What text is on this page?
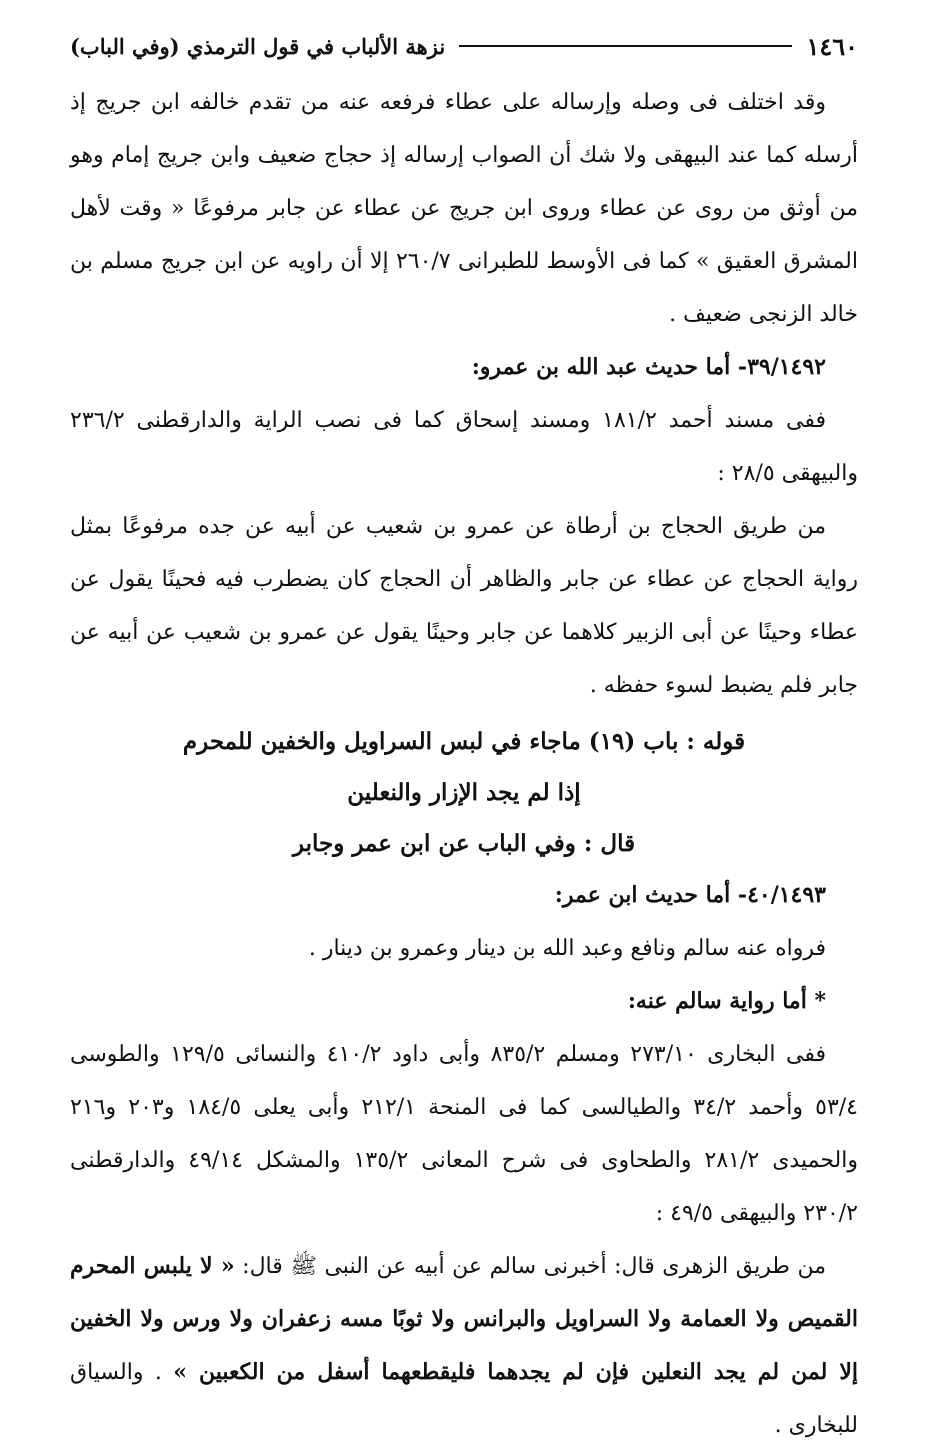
١٤٦٠
نزهة الألباب في قول الترمذي (وفي الباب)

وقد اختلف فى وصله وإرساله على عطاء فرفعه عنه من تقدم خالفه ابن جريج إذ أرسله كما عند البيهقى ولا شك أن الصواب إرساله إذ حجاج ضعيف وابن جريج إمام وهو من أوثق من روى عن عطاء وروى ابن جريج عن عطاء عن جابر مرفوعًا « وقت لأهل المشرق العقيق » كما فى الأوسط للطبرانى ٢٦٠/٧ إلا أن راويه عن ابن جريج مسلم بن خالد الزنجى ضعيف .

٣٩/١٤٩٢- أما حديث عبد الله بن عمرو:

ففى مسند أحمد ١٨١/٢ ومسند إسحاق كما فى نصب الراية والدارقطنى ٢٣٦/٢ والبيهقى ٢٨/٥ :

من طريق الحجاج بن أرطاة عن عمرو بن شعيب عن أبيه عن جده مرفوعًا بمثل رواية الحجاج عن عطاء عن جابر والظاهر أن الحجاج كان يضطرب فيه فحينًا يقول عن عطاء وحينًا عن أبى الزبير كلاهما عن جابر وحينًا يقول عن عمرو بن شعيب عن أبيه عن جابر فلم يضبط لسوء حفظه .

قوله : باب (١٩) ماجاء في لبس السراويل والخفين للمحرم

إذا لم يجد الإزار والنعلين

قال : وفي الباب عن ابن عمر وجابر

٤٠/١٤٩٣- أما حديث ابن عمر:

فرواه عنه سالم ونافع وعبد الله بن دينار وعمرو بن دينار .

* أما رواية سالم عنه:

ففى البخارى ٢٧٣/١٠ ومسلم ٨٣٥/٢ وأبى داود ٤١٠/٢ والنسائى ١٢٩/٥ والطوسى ٥٣/٤ وأحمد ٣٤/٢ والطيالسى كما فى المنحة ٢١٢/١ وأبى يعلى ١٨٤/٥ و٢٠٣ و٢١٦ والحميدى ٢٨١/٢ والطحاوى فى شرح المعانى ١٣٥/٢ والمشكل ٤٩/١٤ والدارقطنى ٢٣٠/٢ والبيهقى ٤٩/٥ :

من طريق الزهرى قال: أخبرنى سالم عن أبيه عن النبى ﷺ قال: « لا يلبس المحرم القميص ولا العمامة ولا السراويل والبرانس ولا ثوبًا مسه زعفران ولا ورس ولا الخفين إلا لمن لم يجد النعلين فإن لم يجدهما فليقطعهما أسفل من الكعبين » . والسياق للبخارى .
